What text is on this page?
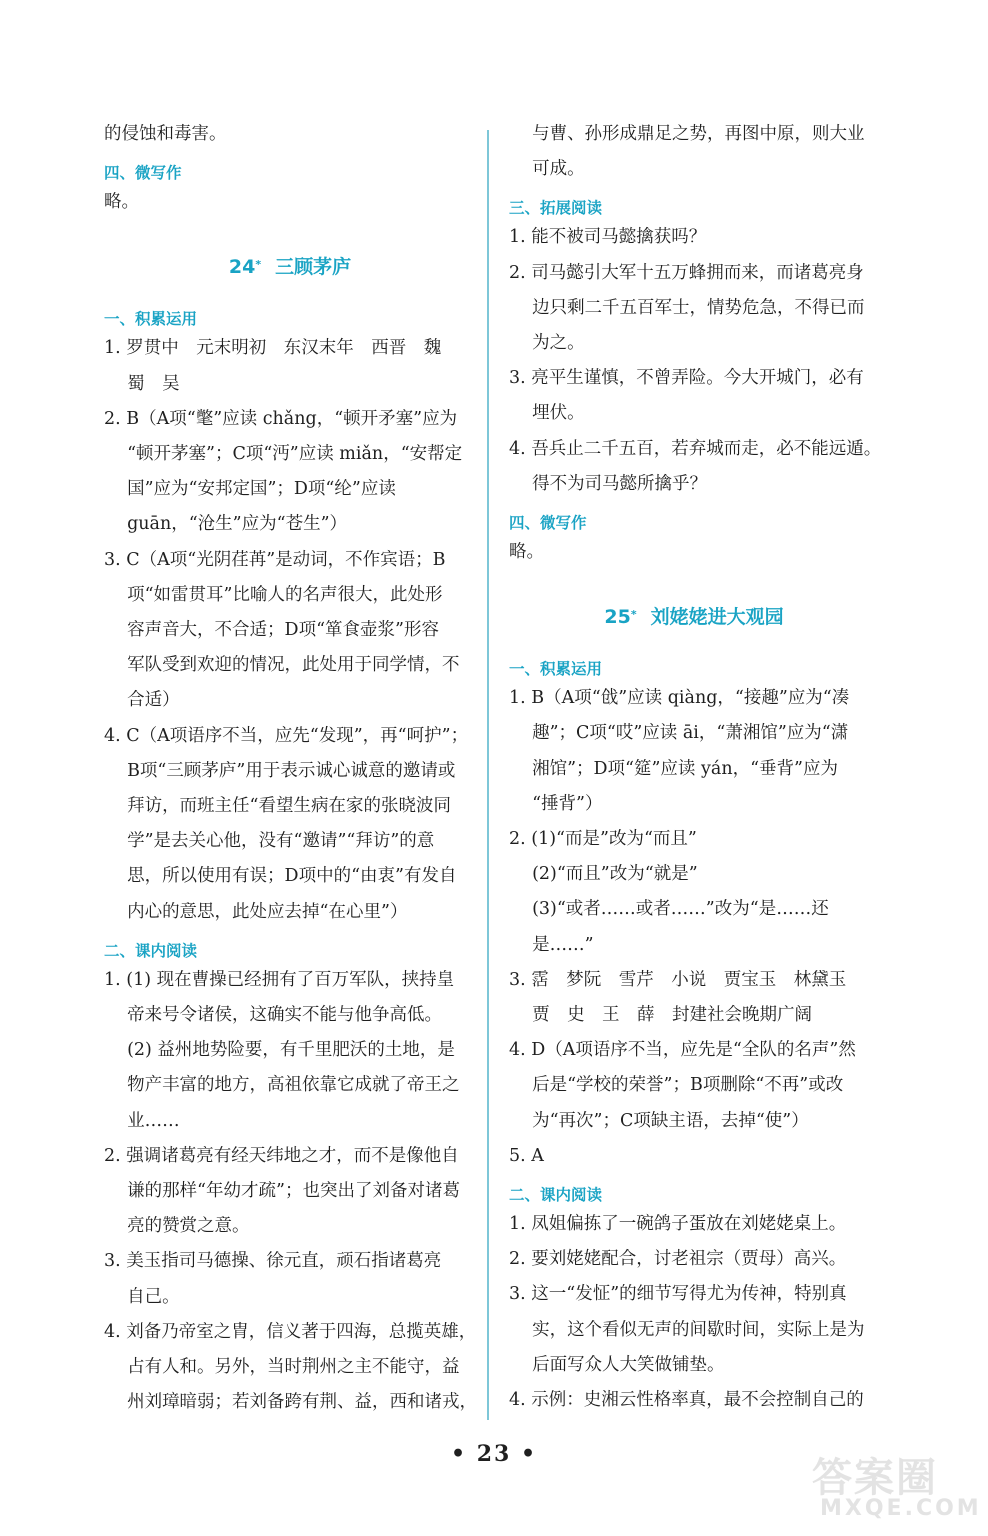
的侵蚀和毒害。
四、微写作
略。
24* 三顾茅庐
一、积累运用
1. 罗贯中　元末明初　东汉末年　西晋　魏
　 蜀　吴
2. B（A项“氅”应读 chǎng，“顿开矛塞”应为
　 “顿开茅塞”；C项“沔”应读 miǎn，“安帮定
　 国”应为“安邦定国”；D项“纶”应读
　 guān，“沧生”应为“苍生”）
3. C（A项“光阴荏苒”是动词，不作宾语；B
　 项“如雷贯耳”比喻人的名声很大，此处形
　 容声音大，不合适；D项“箪食壶浆”形容
　 军队受到欢迎的情况，此处用于同学情，不
　 合适）
4. C（A项语序不当，应先“发现”，再“呵护”；
　 B项“三顾茅庐”用于表示诚心诚意的邀请或
　 拜访，而班主任“看望生病在家的张晓波同
　 学”是去关心他，没有“邀请”“拜访”的意
　 思，所以使用有误；D项中的“由衷”有发自
　 内心的意思，此处应去掉“在心里”）
二、课内阅读
1. (1) 现在曹操已经拥有了百万军队，挟持皇
　 帝来号令诸侯，这确实不能与他争高低。
　 (2) 益州地势险要，有千里肥沃的土地，是
　 物产丰富的地方，高祖依靠它成就了帝王之
　 业……
2. 强调诸葛亮有经天纬地之才，而不是像他自
　 谦的那样“年幼才疏”；也突出了刘备对诸葛
　 亮的赞赏之意。
3. 美玉指司马德操、徐元直，顽石指诸葛亮
　 自己。
4. 刘备乃帝室之胄，信义著于四海，总揽英雄，
　 占有人和。另外，当时荆州之主不能守，益
　 州刘璋暗弱；若刘备跨有荆、益，西和诸戎，
　 与曹、孙形成鼎足之势，再图中原，则大业
　 可成。
三、拓展阅读
1. 能不被司马懿擒获吗？
2. 司马懿引大军十五万蜂拥而来，而诸葛亮身
　 边只剩二千五百军士，情势危急，不得已而
　 为之。
3. 亮平生谨慎，不曾弄险。今大开城门，必有
　 埋伏。
4. 吾兵止二千五百，若弃城而走，必不能远遁。
　 得不为司马懿所擒乎？
四、微写作
略。
25* 刘姥姥进大观园
一、积累运用
1. B（A项“戗”应读 qiàng，“接趣”应为“凑
　 趣”；C项“哎”应读 āi，“萧湘馆”应为“潇
　 湘馆”；D项“筵”应读 yán，“垂背”应为
　 “捶背”）
2. (1)“而是”改为“而且”
　 (2)“而且”改为“就是”
　 (3)“或者……或者……”改为“是……还
　 是……”
3. 霑　梦阮　雪芹　小说　贾宝玉　林黛玉
　 贾　史　王　薛　封建社会晚期广阔
4. D（A项语序不当，应先是“全队的名声”然
　 后是“学校的荣誉”；B项删除“不再”或改
　 为“再次”；C项缺主语，去掉“使”）
5. A
二、课内阅读
1. 凤姐偏拣了一碗鸽子蛋放在刘姥姥桌上。
2. 要刘姥姥配合，讨老祖宗（贾母）高兴。
3. 这一“发怔”的细节写得尤为传神，特别真
　 实，这个看似无声的间歇时间，实际上是为
　 后面写众人大笑做铺垫。
4. 示例：史湘云性格率真，最不会控制自己的
• 23 •
答案圈
MXQE.COM
